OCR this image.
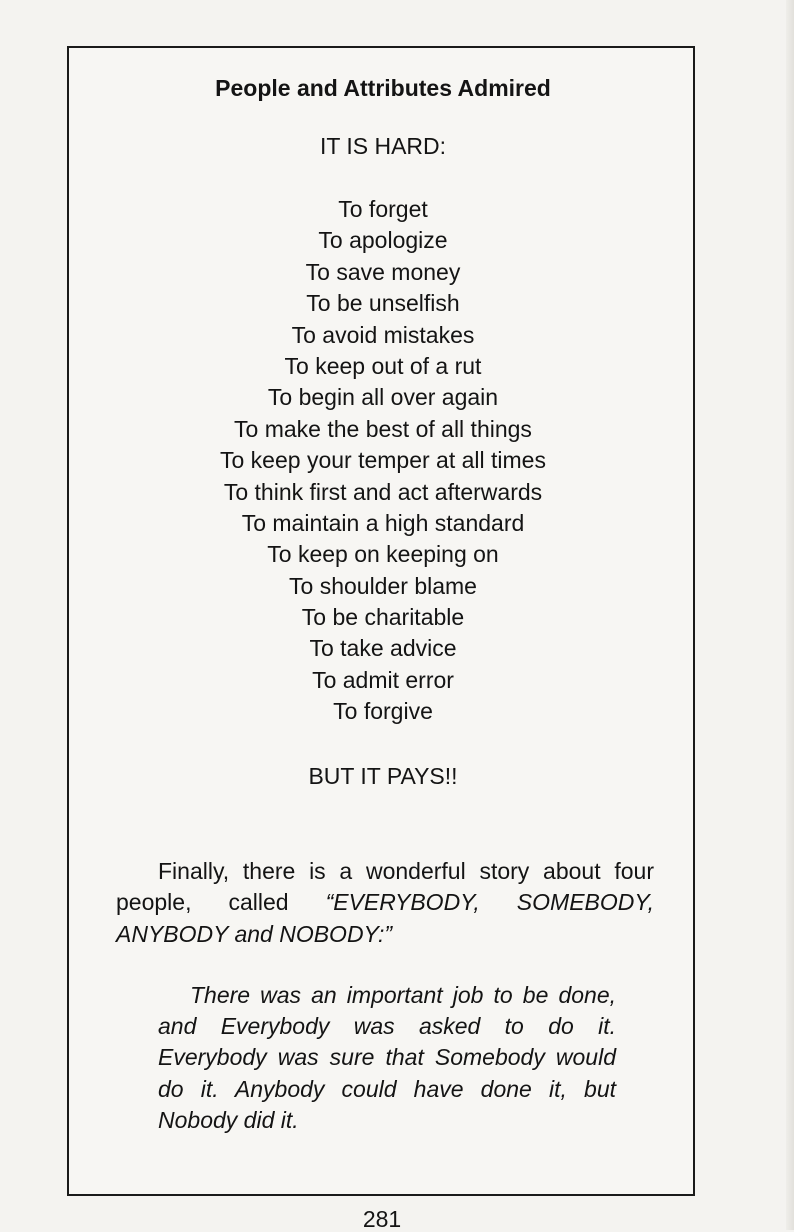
People and Attributes Admired
IT IS HARD:
To forget
To apologize
To save money
To be unselfish
To avoid mistakes
To keep out of a rut
To begin all over again
To make the best of all things
To keep your temper at all times
To think first and act afterwards
To maintain a high standard
To keep on keeping on
To shoulder blame
To be charitable
To take advice
To admit error
To forgive
BUT IT PAYS!!

Finally, there is a wonderful story about four people, called “EVERYBODY, SOMEBODY, ANYBODY and NOBODY:”

There was an important job to be done, and Everybody was asked to do it. Everybody was sure that Somebody would do it. Anybody could have done it, but Nobody did it.

281
